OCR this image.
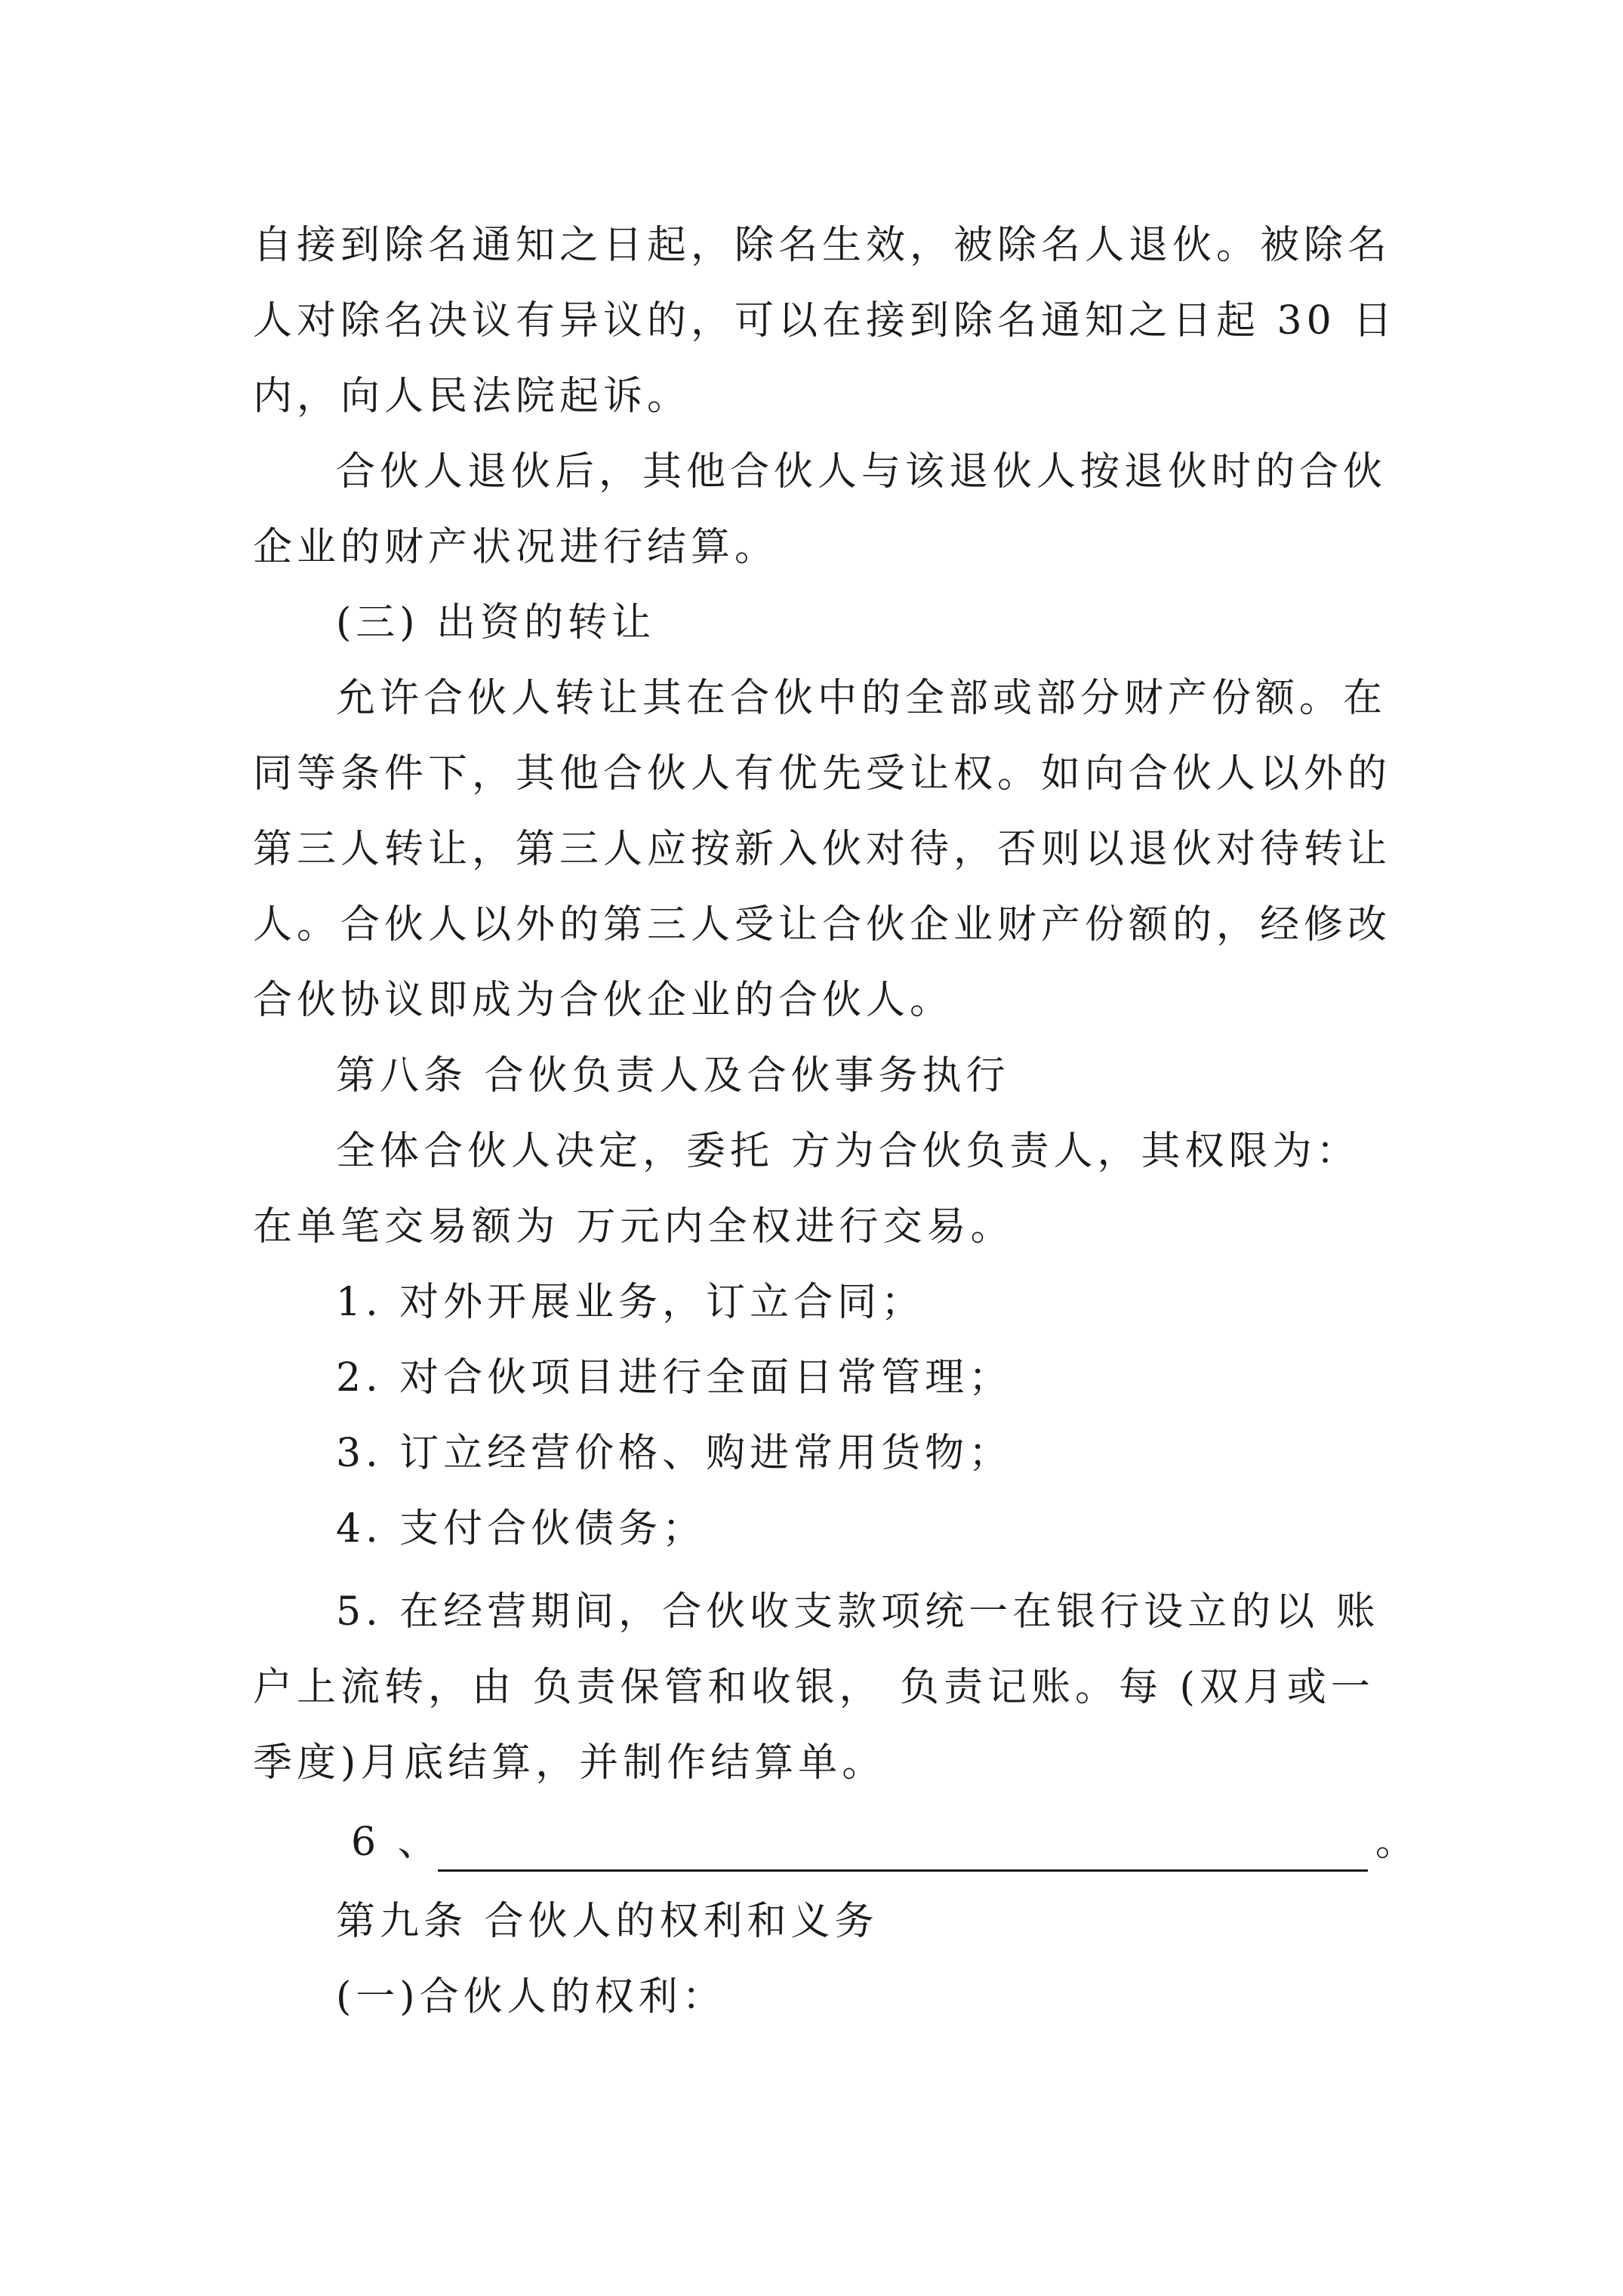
自接到除名通知之日起，除名生效，被除名人退伙。被除名
人对除名决议有异议的，可以在接到除名通知之日起 30 日
内，向人民法院起诉。
合伙人退伙后，其他合伙人与该退伙人按退伙时的合伙
企业的财产状况进行结算。
(三) 出资的转让
允许合伙人转让其在合伙中的全部或部分财产份额。在
同等条件下，其他合伙人有优先受让权。如向合伙人以外的
第三人转让，第三人应按新入伙对待，否则以退伙对待转让
人。合伙人以外的第三人受让合伙企业财产份额的，经修改
合伙协议即成为合伙企业的合伙人。
第八条 合伙负责人及合伙事务执行
全体合伙人决定，委托 方为合伙负责人，其权限为：
在单笔交易额为 万元内全权进行交易。
1. 对外开展业务，订立合同；
2. 对合伙项目进行全面日常管理；
3. 订立经营价格、购进常用货物；
4. 支付合伙债务；
5. 在经营期间，合伙收支款项统一在银行设立的以 账
户上流转，由 负责保管和收银， 负责记账。每 (双月或一
季度)月底结算，并制作结算单。
6 、	。
第九条 合伙人的权利和义务
(一)合伙人的权利：
